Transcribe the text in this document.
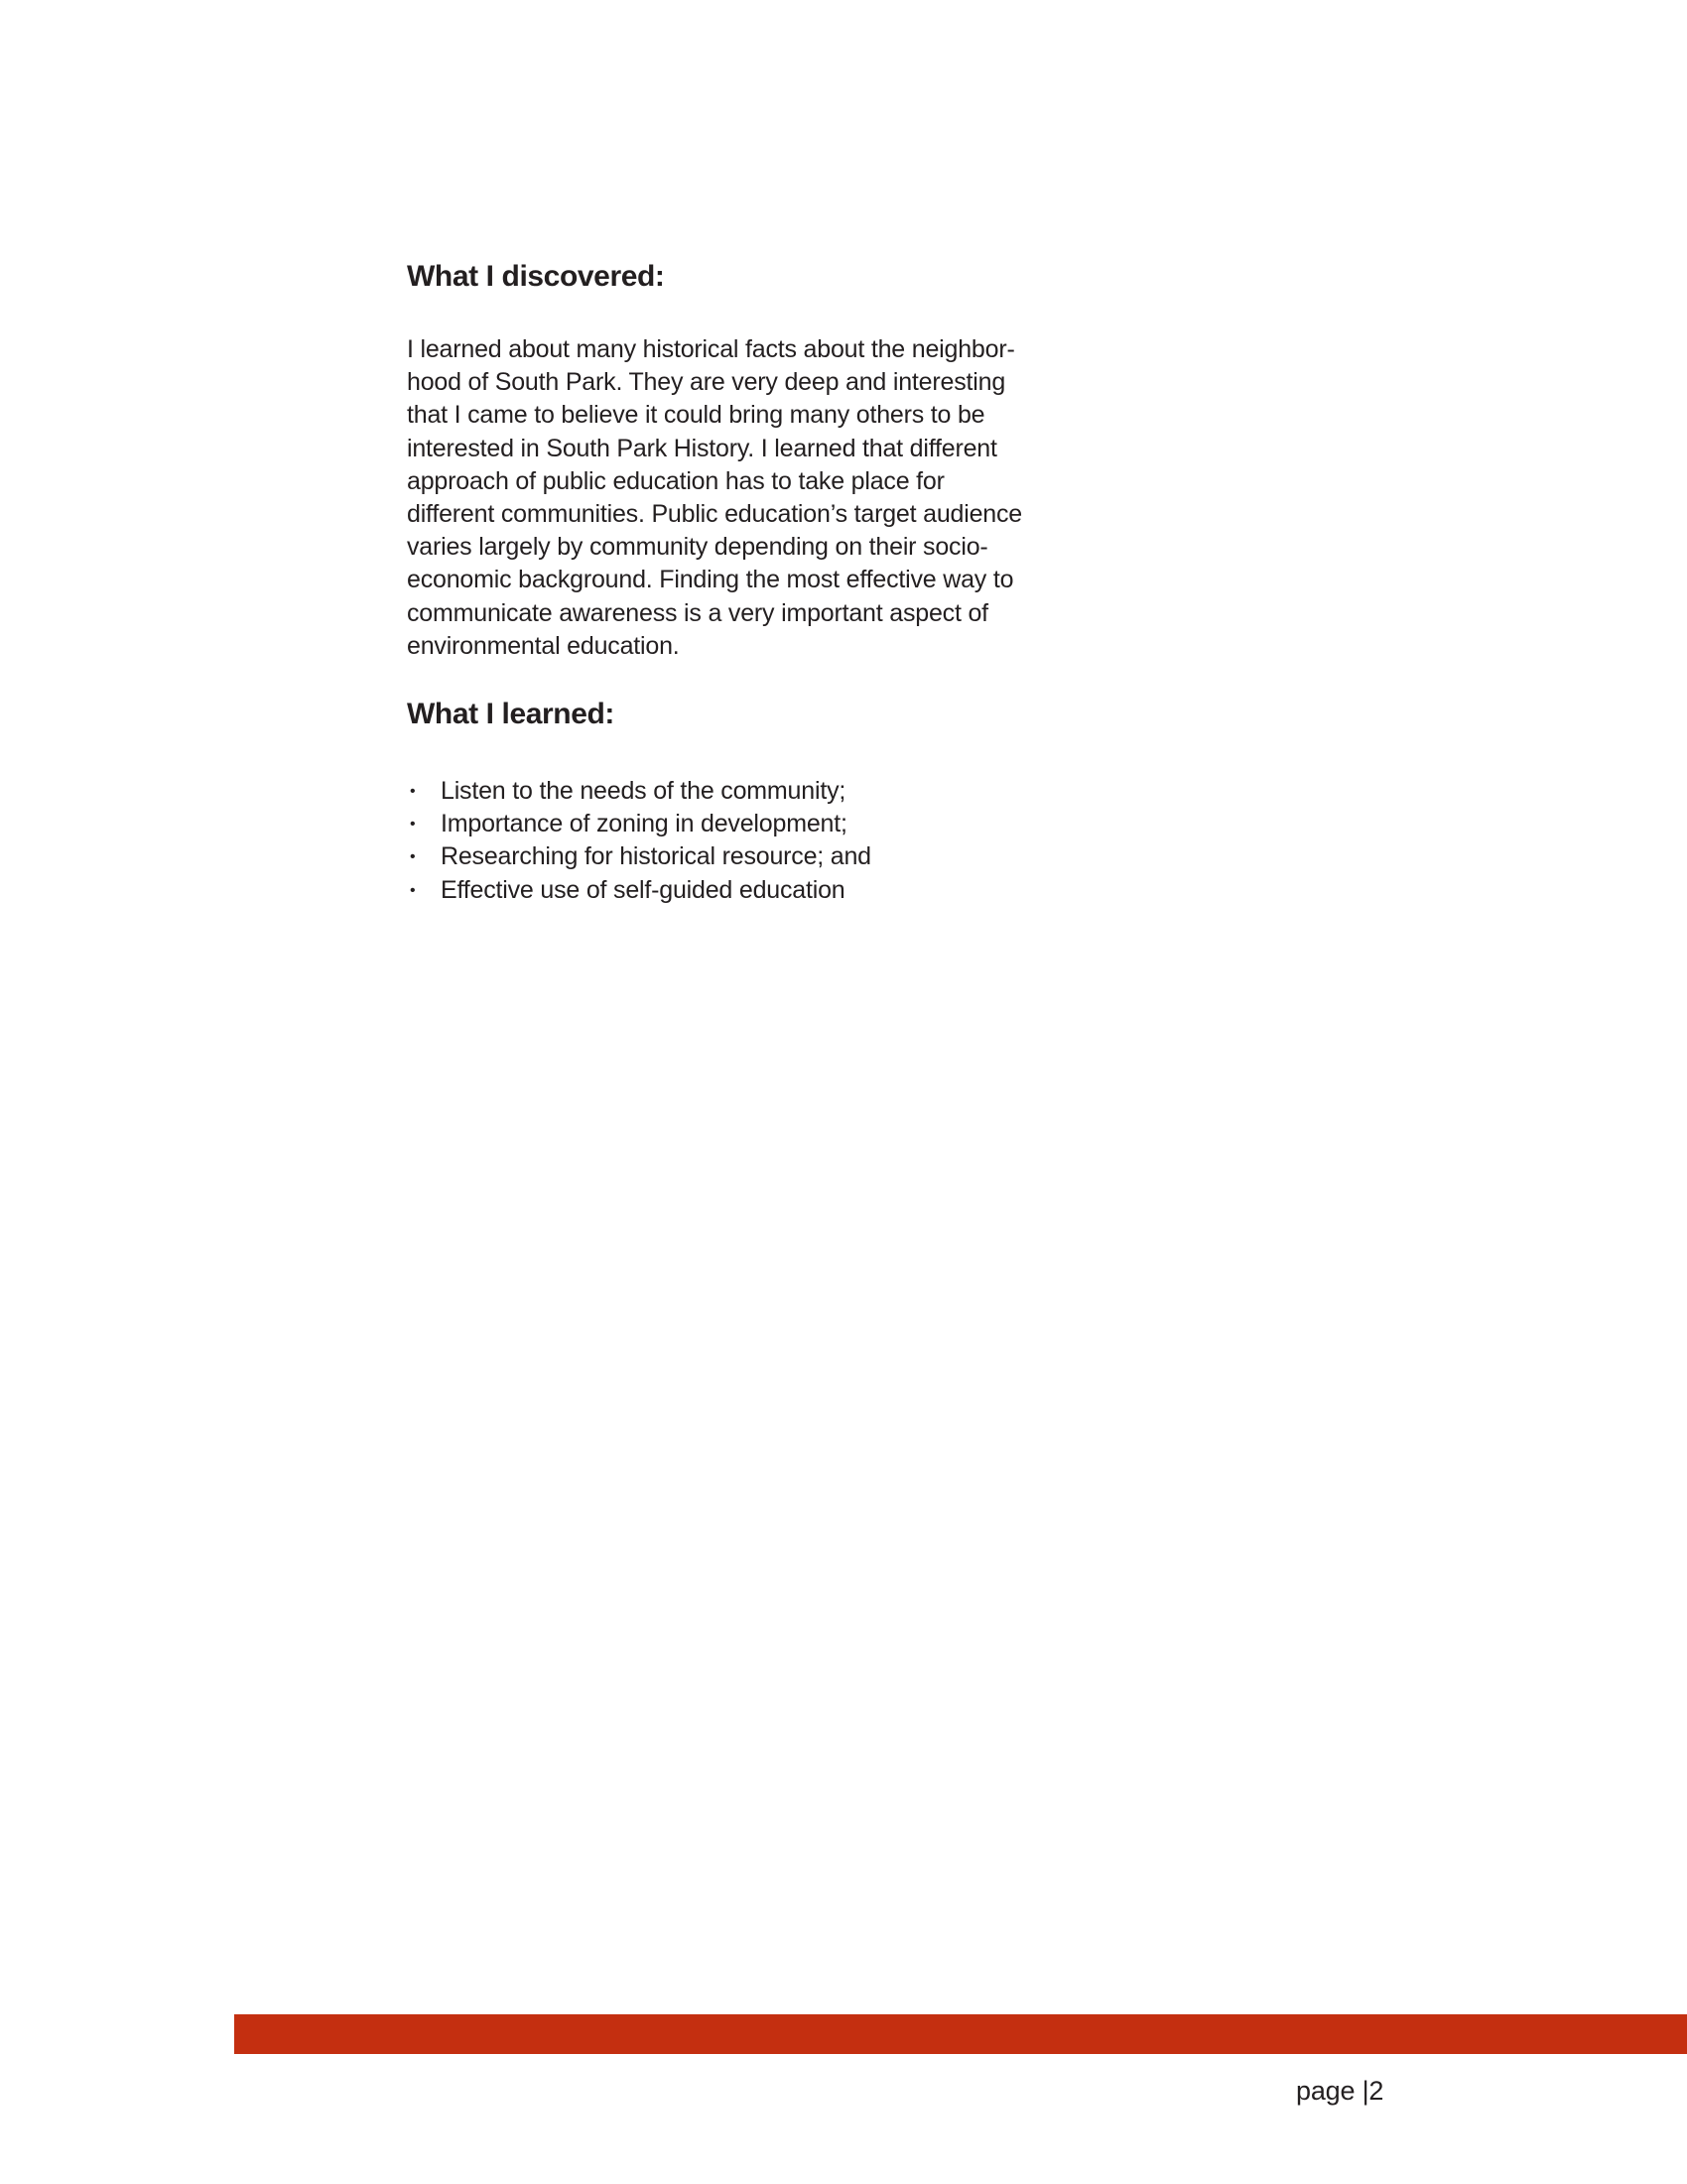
What I discovered:
I learned about many historical facts about the neighbor-
hood of South Park. They are very deep and interesting
that I came to believe it could bring many others to be
interested in South Park History. I learned that different
approach of public education has to take place for
different communities. Public education’s target audience
varies largely by community depending on their socio-
economic background. Finding the most effective way to
communicate awareness is a very important aspect of
environmental education.
What I learned:
• Listen to the needs of the community;
• Importance of zoning in development;
• Researching for historical resource; and
• Effective use of self-guided education
page |2
